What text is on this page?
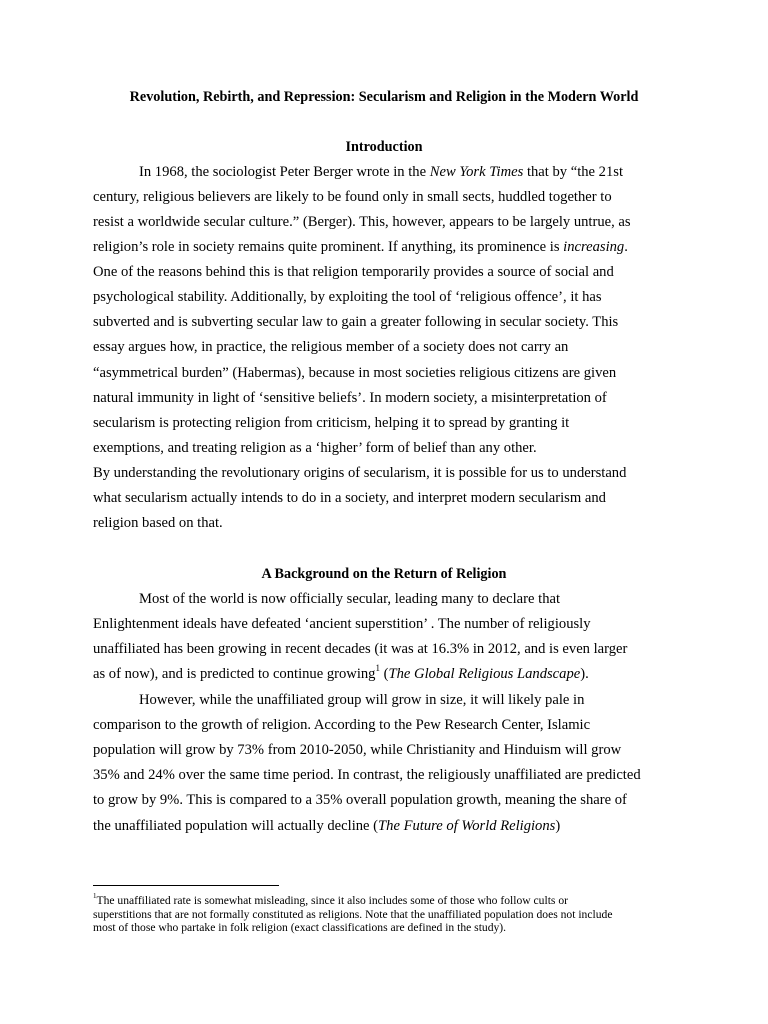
Revolution, Rebirth, and Repression: Secularism and Religion in the Modern World
Introduction
In 1968, the sociologist Peter Berger wrote in the New York Times that by “the 21st
century, religious believers are likely to be found only in small sects, huddled together to
resist a worldwide secular culture.” (Berger). This, however, appears to be largely untrue, as
religion’s role in society remains quite prominent. If anything, its prominence is increasing.
One of the reasons behind this is that religion temporarily provides a source of social and
psychological stability. Additionally, by exploiting the tool of ‘religious offence’, it has
subverted and is subverting secular law to gain a greater following in secular society. This
essay argues how, in practice, the religious member of a society does not carry an
“asymmetrical burden” (Habermas), because in most societies religious citizens are given
natural immunity in light of ‘sensitive beliefs’. In modern society, a misinterpretation of
secularism is protecting religion from criticism, helping it to spread by granting it
exemptions, and treating religion as a ‘higher’ form of belief than any other.
By understanding the revolutionary origins of secularism, it is possible for us to understand
what secularism actually intends to do in a society, and interpret modern secularism and
religion based on that.
A Background on the Return of Religion
Most of the world is now officially secular, leading many to declare that
Enlightenment ideals have defeated ‘ancient superstition’ . The number of religiously
unaffiliated has been growing in recent decades (it was at 16.3% in 2012, and is even larger
as of now), and is predicted to continue growing$^1$ (The Global Religious Landscape).
However, while the unaffiliated group will grow in size, it will likely pale in
comparison to the growth of religion. According to the Pew Research Center, Islamic
population will grow by 73% from 2010-2050, while Christianity and Hinduism will grow
35% and 24% over the same time period. In contrast, the religiously unaffiliated are predicted
to grow by 9%. This is compared to a 35% overall population growth, meaning the share of
the unaffiliated population will actually decline (The Future of World Religions)
$^1$The unaffiliated rate is somewhat misleading, since it also includes some of those who follow cults or
superstitions that are not formally constituted as religions. Note that the unaffiliated population does not include
most of those who partake in folk religion (exact classifications are defined in the study).
